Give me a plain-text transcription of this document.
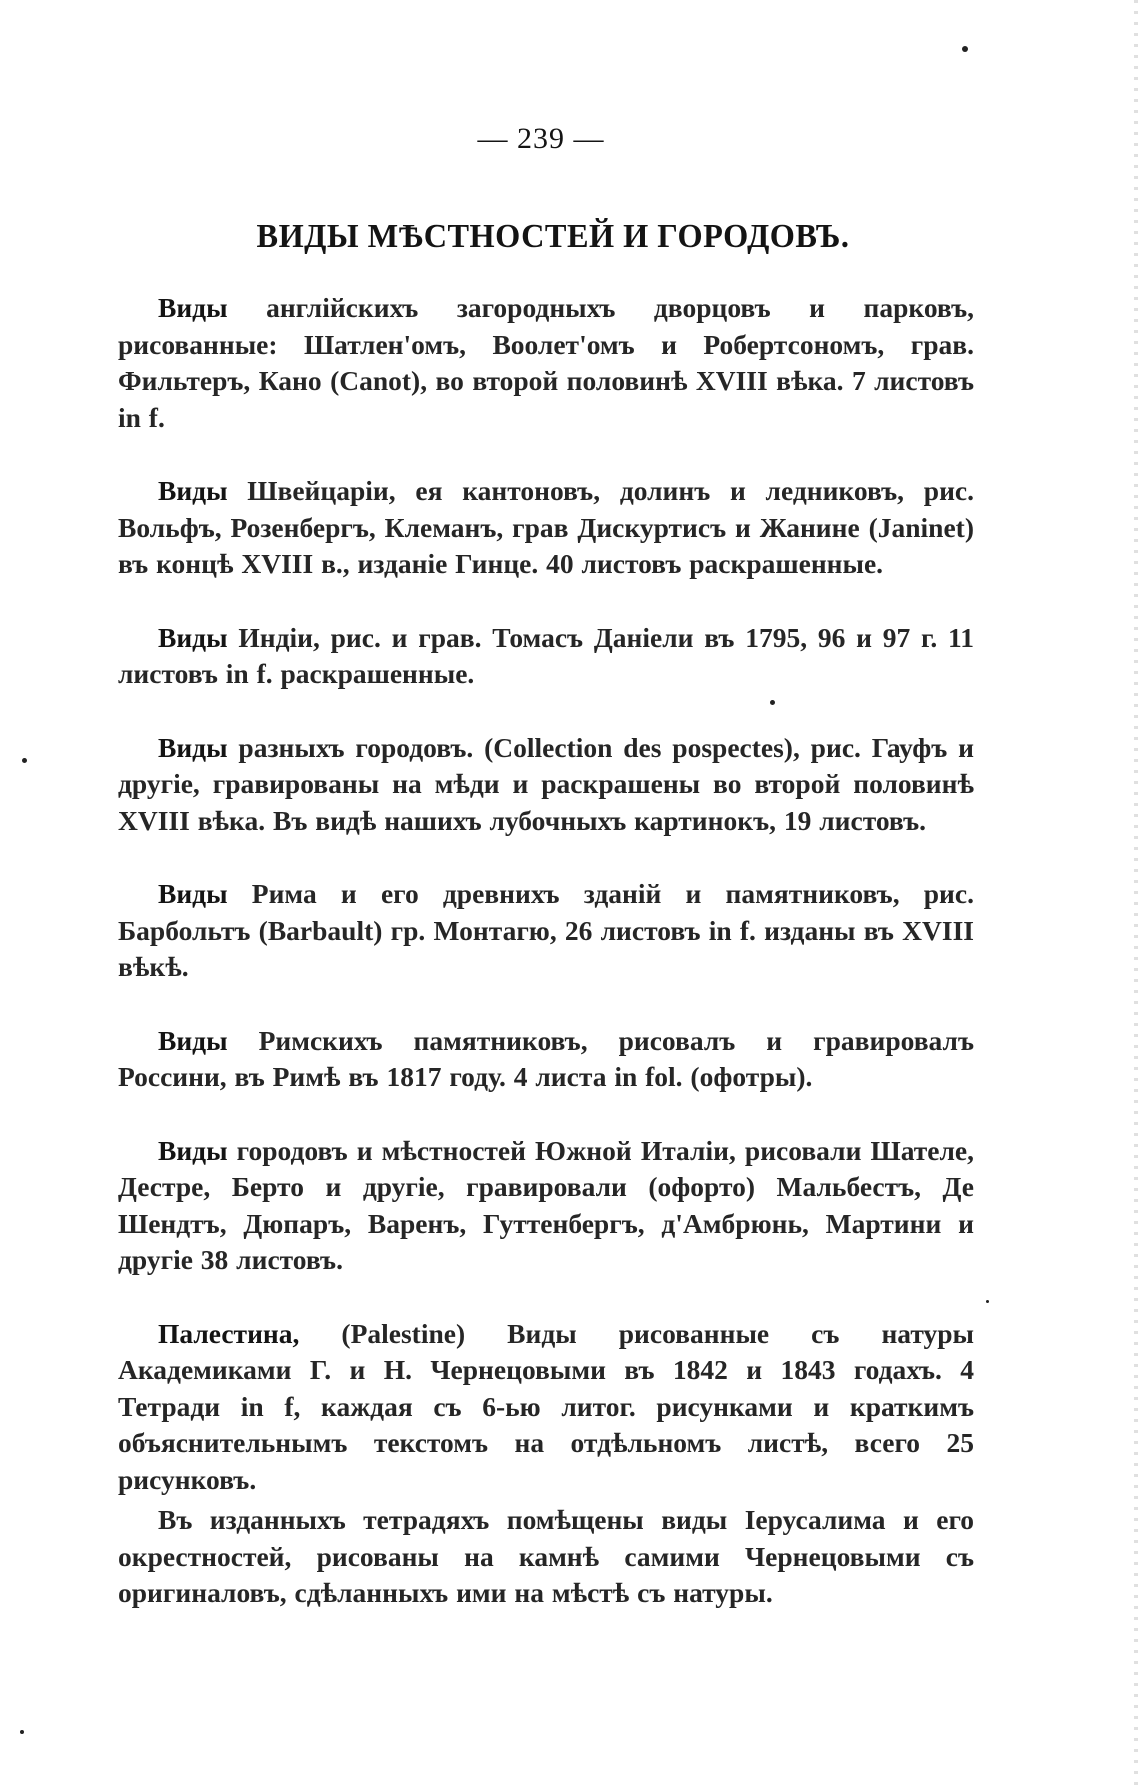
— 239 —
ВИДЫ МѢСТНОСТЕЙ И ГОРОДОВЪ.

Виды англійскихъ загородныхъ дворцовъ и парковъ, рисованные: Шатлен'омъ, Воолет'омъ и Робертсономъ, грав. Фильтеръ, Кано (Canot), во второй половинѣ XVIII вѣка. 7 листовъ in f.

Виды Швейцаріи, ея кантоновъ, долинъ и ледниковъ, рис. Вольфъ, Розенбергъ, Клеманъ, грав Дискуртисъ и Жанине (Janinet) въ концѣ XVIII в., изданіе Гинце. 40 листовъ раскрашенные.

Виды Индіи, рис. и грав. Томасъ Даніели въ 1795, 96 и 97 г. 11 листовъ in f. раскрашенные.

Виды разныхъ городовъ. (Collection des pospectes), рис. Гауфъ и другіе, гравированы на мѣди и раскрашены во второй половинѣ XVIII вѣка. Въ видѣ нашихъ лубочныхъ картинокъ, 19 листовъ.

Виды Рима и его древнихъ зданій и памятниковъ, рис. Барбольтъ (Barbault) гр. Монтагю, 26 листовъ in f. изданы въ XVIII вѣкѣ.

Виды Римскихъ памятниковъ, рисовалъ и гравировалъ Россини, въ Римѣ въ 1817 году. 4 листа in fol. (офотры).

Виды городовъ и мѣстностей Южной Италіи, рисовали Шателе, Дестре, Берто и другіе, гравировали (офорто) Мальбестъ, Де Шендтъ, Дюпаръ, Варенъ, Гуттенбергъ, д'Амбрюнь, Мартини и другіе 38 листовъ.

Палестина, (Palestine) Виды рисованные съ натуры Академиками Г. и Н. Чернецовыми въ 1842 и 1843 годахъ. 4 Тетради in f, каждая съ 6-ью литог. рисунками и краткимъ объяснительнымъ текстомъ на отдѣльномъ листѣ, всего 25 рисунковъ.

Въ изданныхъ тетрадяхъ помѣщены виды Іерусалима и его окрестностей, рисованы на камнѣ самими Чернецовыми съ оригиналовъ, сдѣланныхъ ими на мѣстѣ съ натуры.
